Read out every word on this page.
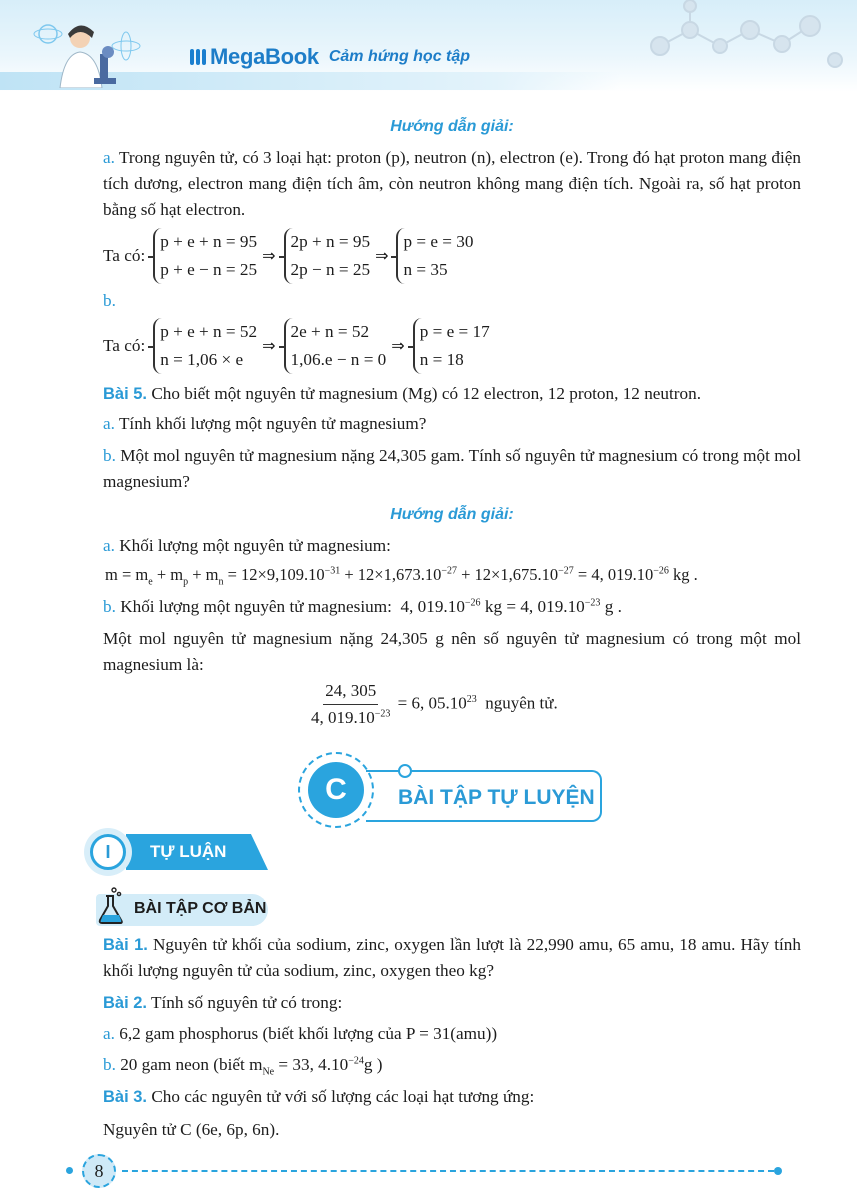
MegaBook Cảm hứng học tập
Hướng dẫn giải:
a. Trong nguyên tử, có 3 loại hạt: proton (p), neutron (n), electron (e). Trong đó hạt proton mang điện tích dương, electron mang điện tích âm, còn neutron không mang điện tích. Ngoài ra, số hạt proton bằng số hạt electron.
Ta có:
p + e + n = 95
p + e − n = 25
⇒
2p + n = 95
2p − n = 25
⇒
p = e = 30
n = 35
b.
Ta có:
p + e + n = 52
n = 1,06 × e
⇒
2e + n = 52
1,06.e − n = 0
⇒
p = e = 17
n = 18
Bài 5. Cho biết một nguyên tử magnesium (Mg) có 12 electron, 12 proton, 12 neutron.
a. Tính khối lượng một nguyên tử magnesium?
b. Một mol nguyên tử magnesium nặng 24,305 gam. Tính số nguyên tử magnesium có trong một mol magnesium?
Hướng dẫn giải:
a. Khối lượng một nguyên tử magnesium:
$m = m_e + m_p + m_n = 12\times 9,109.10^{-31} + 12\times 1,673.10^{-27} + 12\times 1,675.10^{-27} = 4$, $019.10^{-26}$ kg .
b. Khối lượng một nguyên tử magnesium:  4, $019.10^{-26}$ kg = 4, $019.10^{-23}$ g .
Một mol nguyên tử magnesium nặng 24,305 g nên số nguyên tử magnesium có trong một mol magnesium là:
$\frac{24, 305}{4, 019.10^{-23}} = 6$, 05.10$^{23}$ nguyên tử.
C	BÀI TẬP TỰ LUYỆN
I	TỰ LUẬN
BÀI TẬP CƠ BẢN
Bài 1. Nguyên tử khối của sodium, zinc, oxygen lần lượt là 22,990 amu, 65 amu, 18 amu. Hãy tính khối lượng nguyên tử của sodium, zinc, oxygen theo kg?
Bài 2. Tính số nguyên tử có trong:
a. 6,2 gam phosphorus (biết khối lượng của P = 31(amu))
b. 20 gam neon (biết $m_{Ne} = 33$, $4.10^{-24}g$ )
Bài 3. Cho các nguyên tử với số lượng các loại hạt tương ứng:
Nguyên tử C (6e, 6p, 6n).
8
